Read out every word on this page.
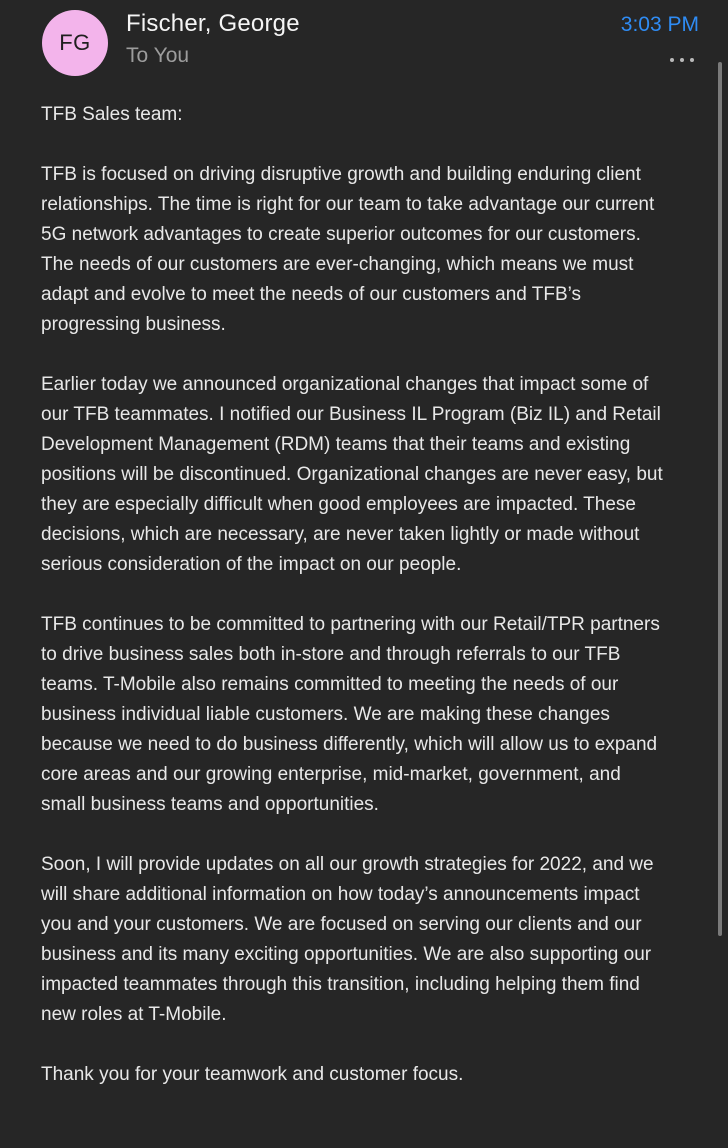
FG
Fischer, George
To You
3:03 PM

TFB Sales team:

TFB is focused on driving disruptive growth and building enduring client
relationships. The time is right for our team to take advantage our current
5G network advantages to create superior outcomes for our customers.
The needs of our customers are ever-changing, which means we must
adapt and evolve to meet the needs of our customers and TFB’s
progressing business.

Earlier today we announced organizational changes that impact some of
our TFB teammates. I notified our Business IL Program (Biz IL) and Retail
Development Management (RDM) teams that their teams and existing
positions will be discontinued. Organizational changes are never easy, but
they are especially difficult when good employees are impacted. These
decisions, which are necessary, are never taken lightly or made without
serious consideration of the impact on our people.

TFB continues to be committed to partnering with our Retail/TPR partners
to drive business sales both in-store and through referrals to our TFB
teams. T-Mobile also remains committed to meeting the needs of our
business individual liable customers. We are making these changes
because we need to do business differently, which will allow us to expand
core areas and our growing enterprise, mid-market, government, and
small business teams and opportunities.

Soon, I will provide updates on all our growth strategies for 2022, and we
will share additional information on how today’s announcements impact
you and your customers. We are focused on serving our clients and our
business and its many exciting opportunities. We are also supporting our
impacted teammates through this transition, including helping them find
new roles at T-Mobile.

Thank you for your teamwork and customer focus.
